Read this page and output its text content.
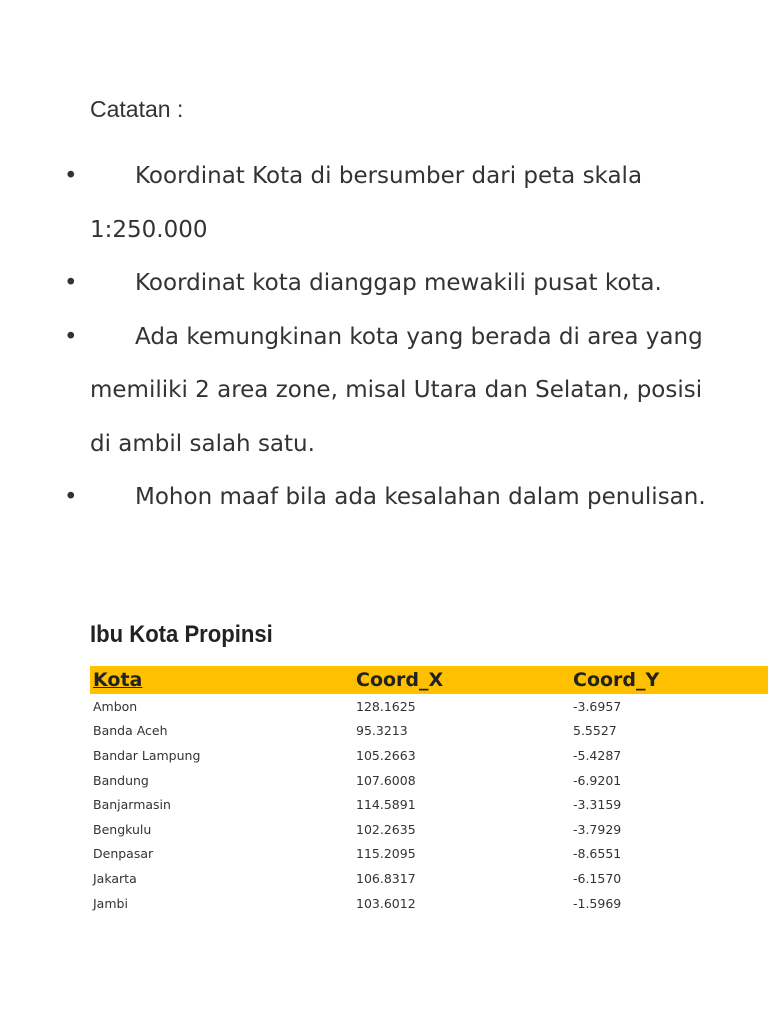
Catatan :

• Koordinat Kota di bersumber dari peta skala 1:250.000
• Koordinat kota dianggap mewakili pusat kota.
• Ada kemungkinan kota yang berada di area yang memiliki 2 area zone, misal Utara dan Selatan, posisi di ambil salah satu.
• Mohon maaf bila ada kesalahan dalam penulisan.
Ibu Kota Propinsi
Kota	Coord_X	Coord_Y
Ambon	128.1625	-3.6957
Banda Aceh	95.3213	5.5527
Bandar Lampung	105.2663	-5.4287
Bandung	107.6008	-6.9201
Banjarmasin	114.5891	-3.3159
Bengkulu	102.2635	-3.7929
Denpasar	115.2095	-8.6551
Jakarta	106.8317	-6.1570
Jambi	103.6012	-1.5969
